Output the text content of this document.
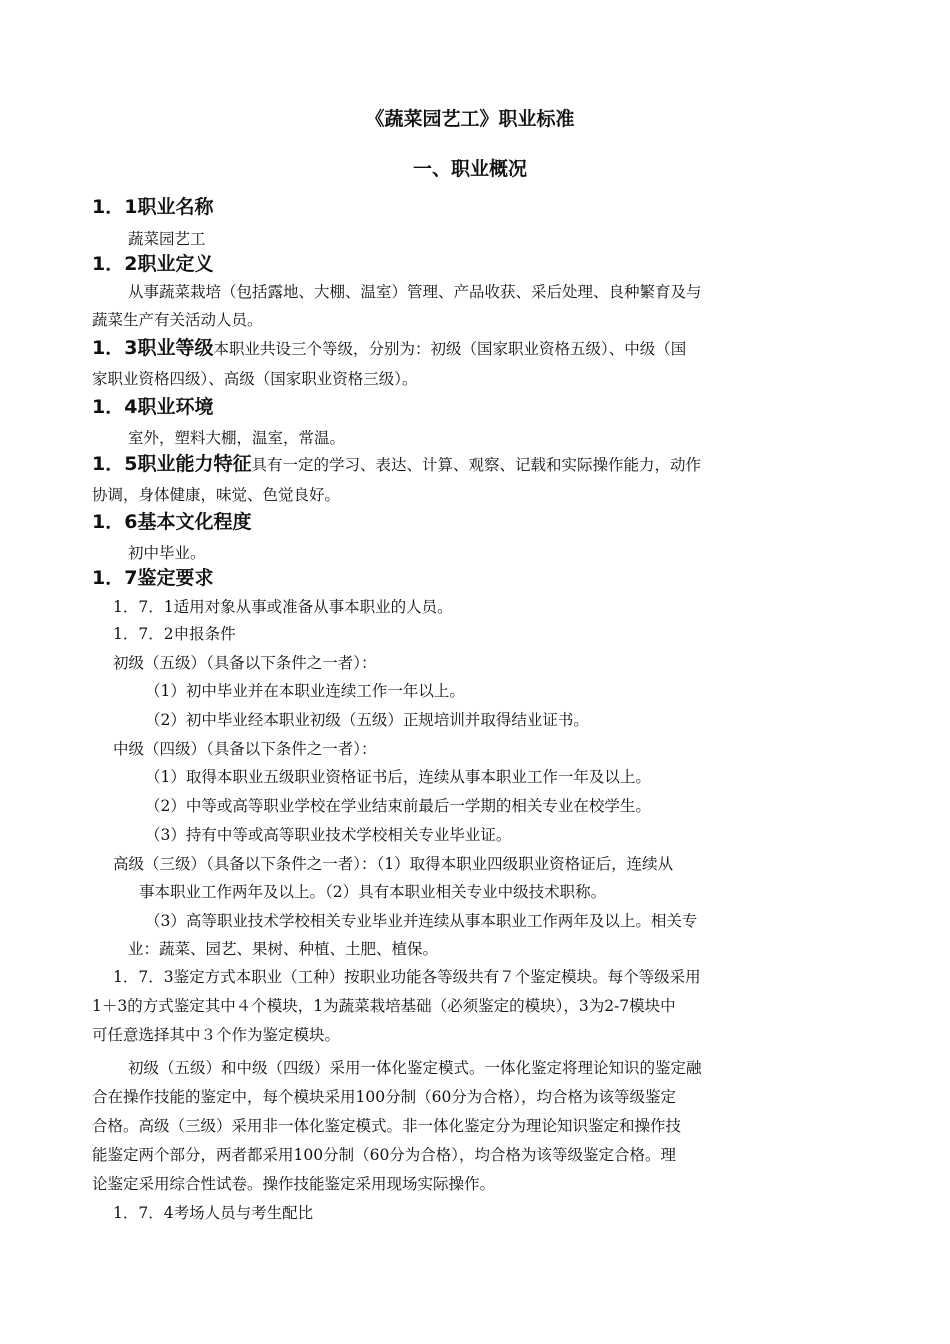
《蔬菜园艺工》职业标准
一、职业概况
1．1职业名称
蔬菜园艺工
1．2职业定义
从事蔬菜栽培（包括露地、大棚、温室）管理、产品收获、采后处理、良种繁育及与
蔬菜生产有关活动人员。
1．3职业等级本职业共设三个等级，分别为：初级（国家职业资格五级）、中级（国
家职业资格四级）、高级（国家职业资格三级）。
1．4职业环境
室外，塑料大棚，温室，常温。
1．5职业能力特征具有一定的学习、表达、计算、观察、记载和实际操作能力，动作
协调，身体健康，味觉、色觉良好。
1．6基本文化程度
初中毕业。
1．7鉴定要求
1．7．1适用对象从事或准备从事本职业的人员。
1．7．2申报条件
初级（五级）（具备以下条件之一者）：
（1）初中毕业并在本职业连续工作一年以上。
（2）初中毕业经本职业初级（五级）正规培训并取得结业证书。
中级（四级）（具备以下条件之一者）：
（1）取得本职业五级职业资格证书后，连续从事本职业工作一年及以上。
（2）中等或高等职业学校在学业结束前最后一学期的相关专业在校学生。
（3）持有中等或高等职业技术学校相关专业毕业证。
高级（三级）（具备以下条件之一者）：（1）取得本职业四级职业资格证后，连续从
事本职业工作两年及以上。（2）具有本职业相关专业中级技术职称。
（3）高等职业技术学校相关专业毕业并连续从事本职业工作两年及以上。相关专
业：蔬菜、园艺、果树、种植、土肥、植保。
1．7．3鉴定方式本职业（工种）按职业功能各等级共有７个鉴定模块。每个等级采用
1＋3的方式鉴定其中４个模块，1为蔬菜栽培基础（必须鉴定的模块），3为2-7模块中
可任意选择其中３个作为鉴定模块。
初级（五级）和中级（四级）采用一体化鉴定模式。一体化鉴定将理论知识的鉴定融
合在操作技能的鉴定中，每个模块采用100分制（60分为合格），均合格为该等级鉴定
合格。高级（三级）采用非一体化鉴定模式。非一体化鉴定分为理论知识鉴定和操作技
能鉴定两个部分，两者都采用100分制（60分为合格），均合格为该等级鉴定合格。理
论鉴定采用综合性试卷。操作技能鉴定采用现场实际操作。
1．7．4考场人员与考生配比
